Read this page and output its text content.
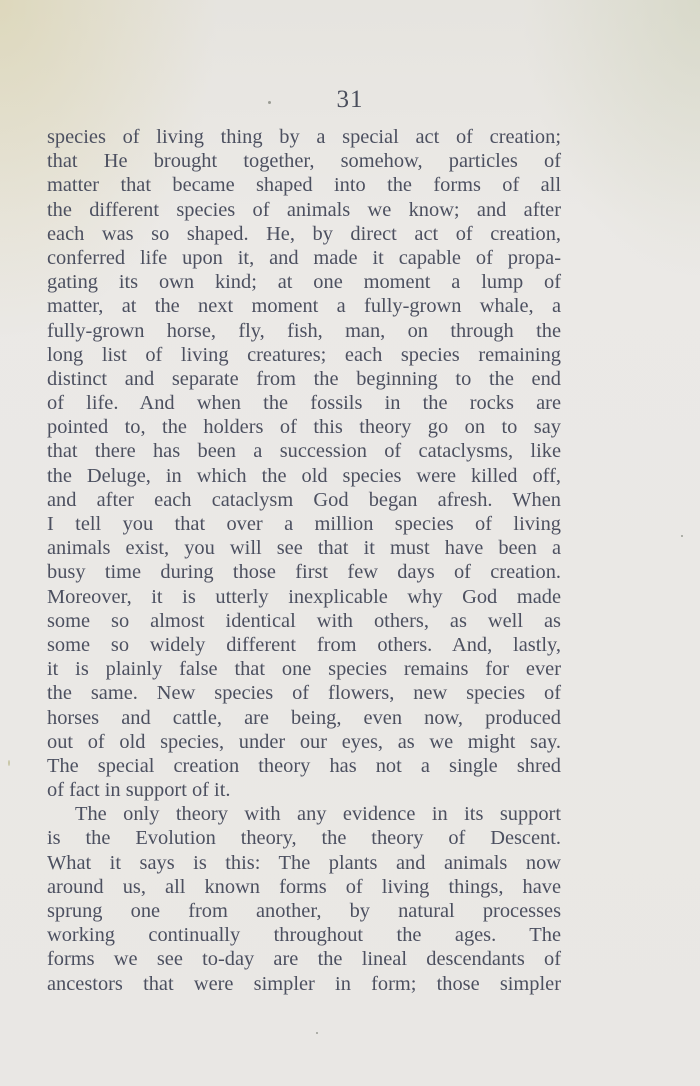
31
species of living thing by a special act of creation;
that He brought together, somehow, particles of
matter that became shaped into the forms of all
the different species of animals we know; and after
each was so shaped. He, by direct act of creation,
conferred life upon it, and made it capable of propa-
gating its own kind; at one moment a lump of
matter, at the next moment a fully-grown whale, a
fully-grown horse, fly, fish, man, on through the
long list of living creatures; each species remaining
distinct and separate from the beginning to the end
of life. And when the fossils in the rocks are
pointed to, the holders of this theory go on to say
that there has been a succession of cataclysms, like
the Deluge, in which the old species were killed off,
and after each cataclysm God began afresh. When
I tell you that over a million species of living
animals exist, you will see that it must have been a
busy time during those first few days of creation.
Moreover, it is utterly inexplicable why God made
some so almost identical with others, as well as
some so widely different from others. And, lastly,
it is plainly false that one species remains for ever
the same. New species of flowers, new species of
horses and cattle, are being, even now, produced
out of old species, under our eyes, as we might say.
The special creation theory has not a single shred
of fact in support of it.
The only theory with any evidence in its support
is the Evolution theory, the theory of Descent.
What it says is this: The plants and animals now
around us, all known forms of living things, have
sprung one from another, by natural processes
working continually throughout the ages. The
forms we see to-day are the lineal descendants of
ancestors that were simpler in form; those simpler
